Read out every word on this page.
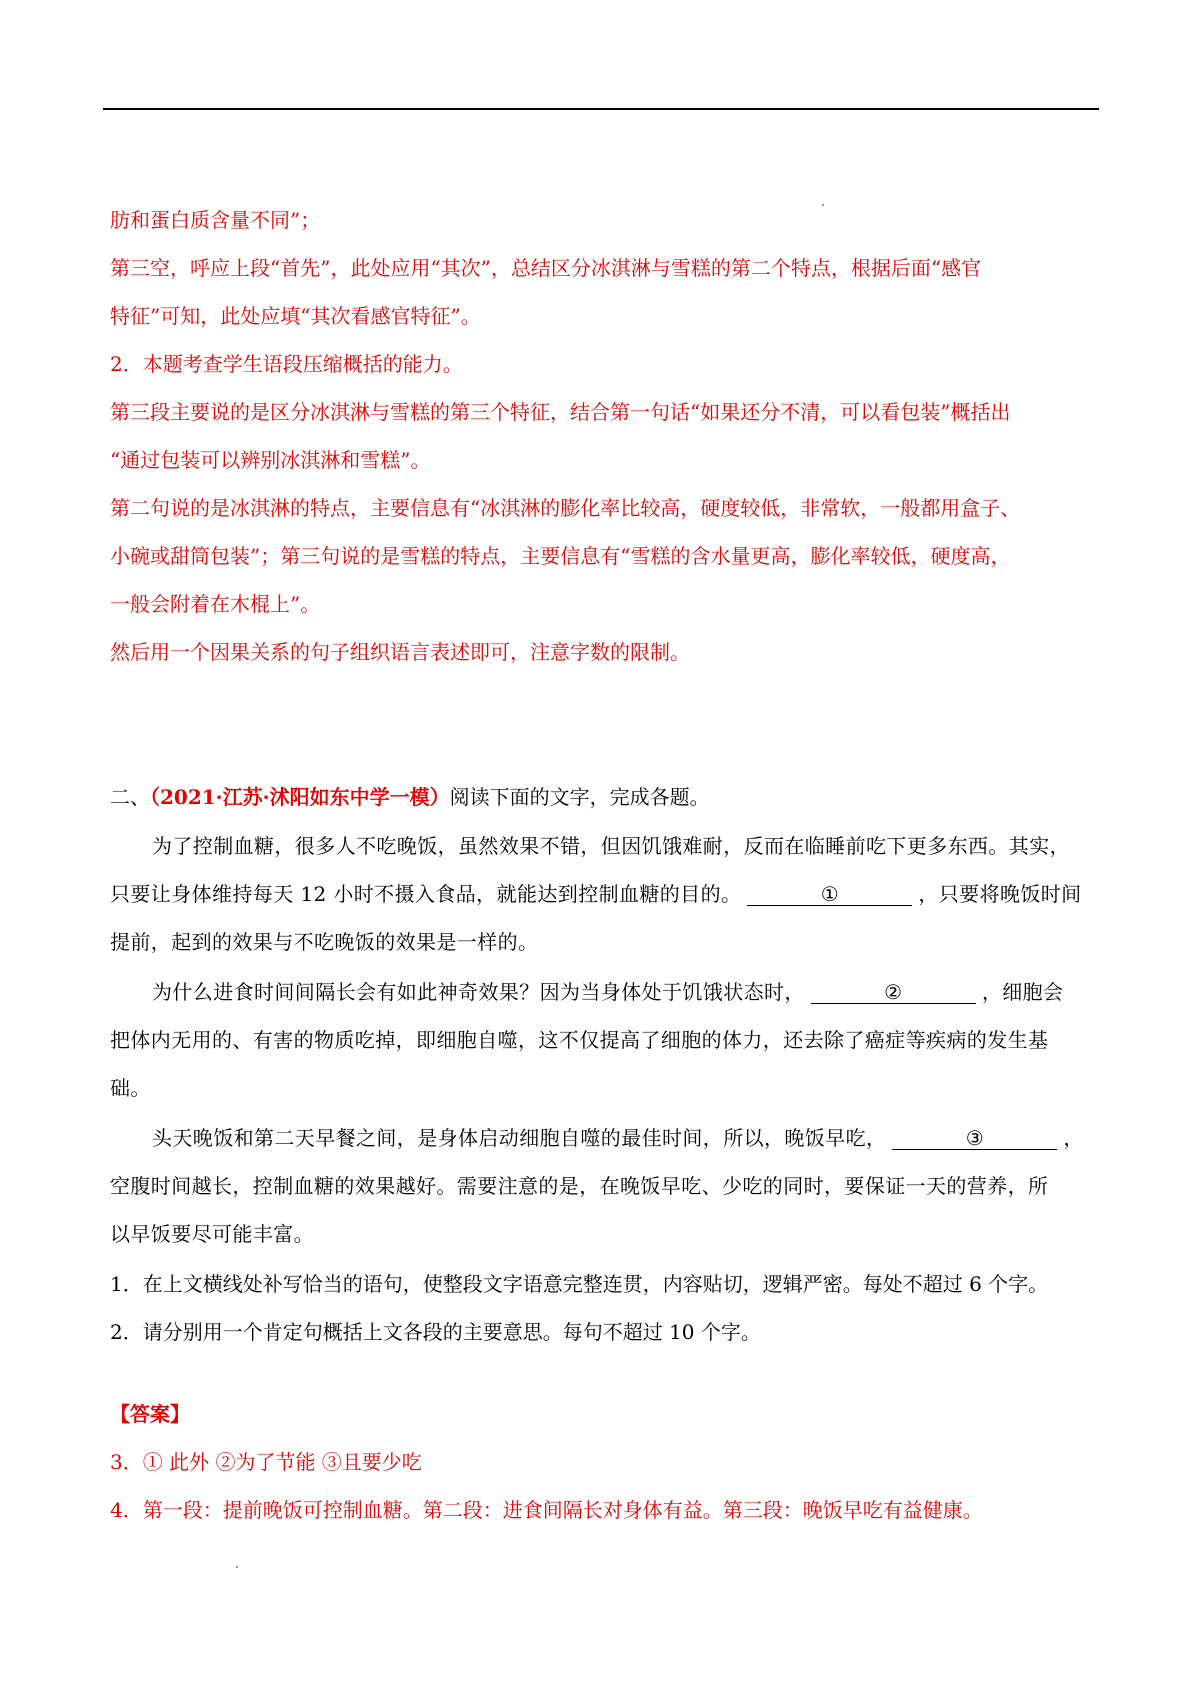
肪和蛋白质含量不同”；
第三空，呼应上段“首先”，此处应用“其次”，总结区分冰淇淋与雪糕的第二个特点，根据后面“感官
特征”可知，此处应填“其次看感官特征”。
2．本题考查学生语段压缩概括的能力。
第三段主要说的是区分冰淇淋与雪糕的第三个特征，结合第一句话“如果还分不清，可以看包装”概括出
“通过包装可以辨别冰淇淋和雪糕”。
第二句说的是冰淇淋的特点，主要信息有“冰淇淋的膨化率比较高，硬度较低，非常软，一般都用盒子、
小碗或甜筒包装”；第三句说的是雪糕的特点，主要信息有“雪糕的含水量更高，膨化率较低，硬度高，
一般会附着在木棍上”。
然后用一个因果关系的句子组织语言表述即可，注意字数的限制。
二、（2021·江苏·沭阳如东中学一模）阅读下面的文字，完成各题。
为了控制血糖，很多人不吃晚饭，虽然效果不错，但因饥饿难耐，反而在临睡前吃下更多东西。其实，
只要让身体维持每天 12 小时不摄入食品，就能达到控制血糖的目的。	①	，只要将晚饭时间
提前，起到的效果与不吃晚饭的效果是一样的。
为什么进食时间间隔长会有如此神奇效果？因为当身体处于饥饿状态时，	②	，细胞会
把体内无用的、有害的物质吃掉，即细胞自噬，这不仅提高了细胞的体力，还去除了癌症等疾病的发生基
础。
头天晚饭和第二天早餐之间，是身体启动细胞自噬的最佳时间，所以，晚饭早吃，	③	，
空腹时间越长，控制血糖的效果越好。需要注意的是，在晚饭早吃、少吃的同时，要保证一天的营养，所
以早饭要尽可能丰富。
1．在上文横线处补写恰当的语句，使整段文字语意完整连贯，内容贴切，逻辑严密。每处不超过 6 个字。
2．请分别用一个肯定句概括上文各段的主要意思。每句不超过 10 个字。
【答案】
3．① 此外 ②为了节能 ③且要少吃
4．第一段：提前晚饭可控制血糖。第二段：进食间隔长对身体有益。第三段：晚饭早吃有益健康。
